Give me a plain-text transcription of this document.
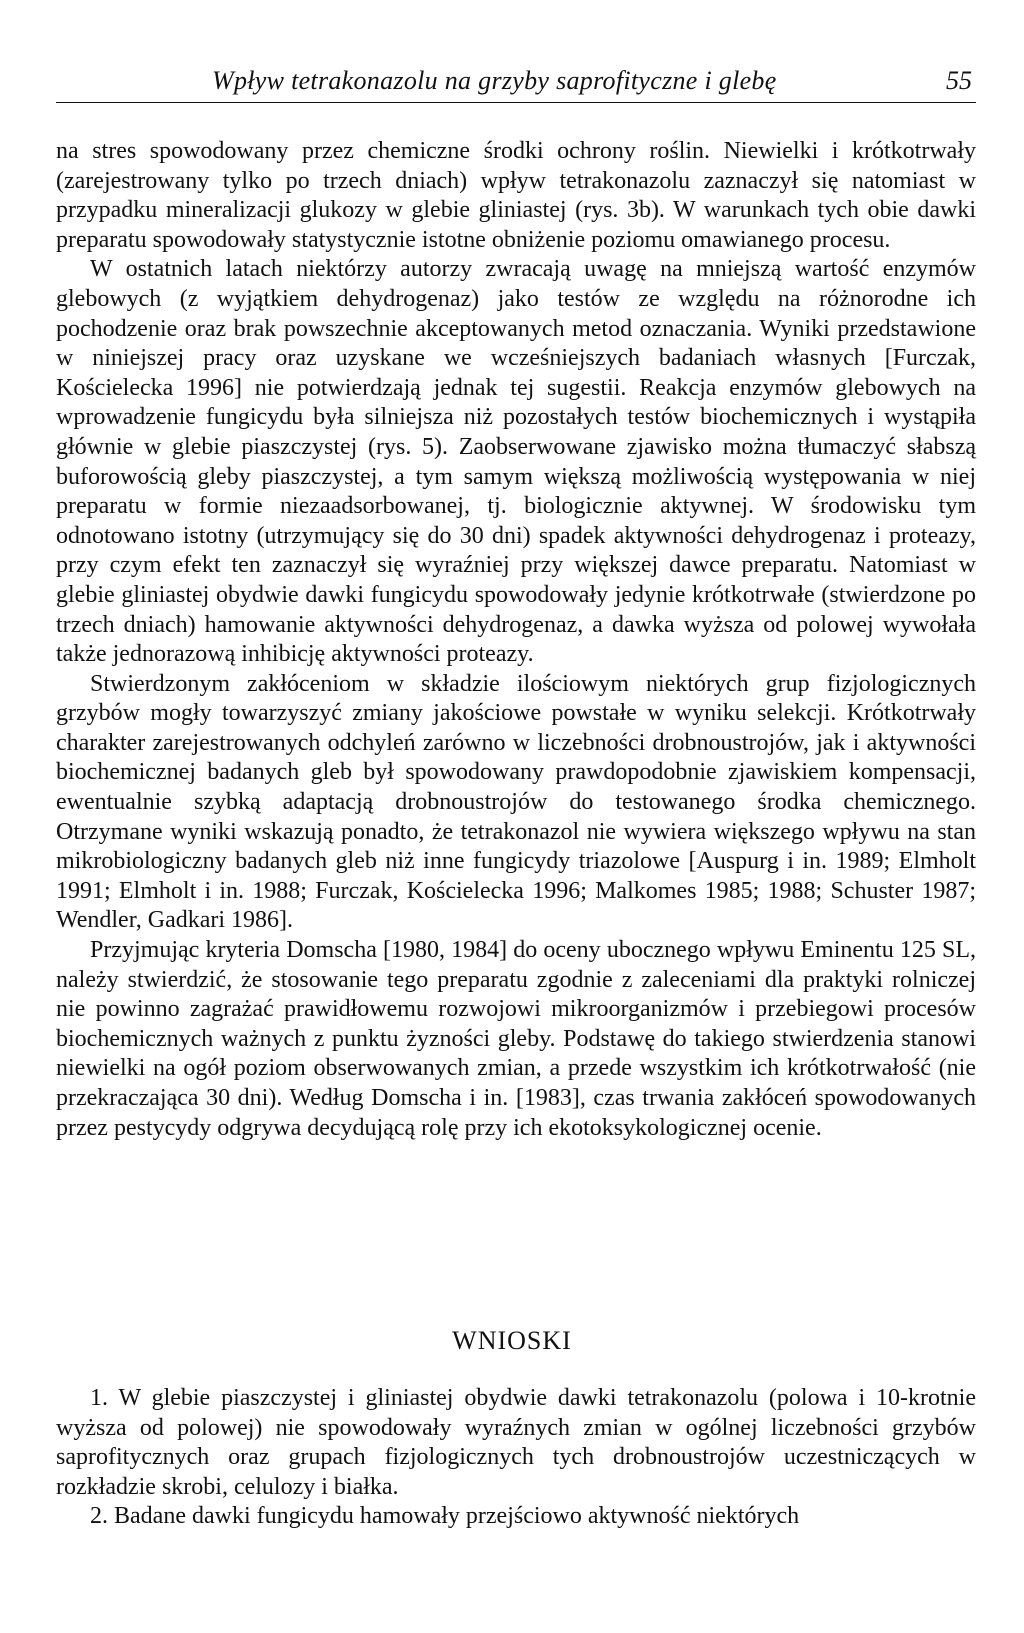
Wpływ tetrakonazolu na grzyby saprofityczne i glebę	55

na stres spowodowany przez chemiczne środki ochrony roślin. Niewielki i krótkotrwały (zarejestrowany tylko po trzech dniach) wpływ tetrakonazolu zaznaczył się natomiast w przypadku mineralizacji glukozy w glebie gliniastej (rys. 3b). W warunkach tych obie dawki preparatu spowodowały statystycznie istotne obniżenie poziomu omawianego procesu.

W ostatnich latach niektórzy autorzy zwracają uwagę na mniejszą wartość enzymów glebowych (z wyjątkiem dehydrogenaz) jako testów ze względu na różnorodne ich pochodzenie oraz brak powszechnie akceptowanych metod oznaczania. Wyniki przedstawione w niniejszej pracy oraz uzyskane we wcześniejszych badaniach własnych [Furczak, Kościelecka 1996] nie potwierdzają jednak tej sugestii. Reakcja enzymów glebowych na wprowadzenie fungicydu była silniejsza niż pozostałych testów biochemicznych i wystąpiła głównie w glebie piaszczystej (rys. 5). Zaobserwowane zjawisko można tłumaczyć słabszą buforowością gleby piaszczystej, a tym samym większą możliwością występowania w niej preparatu w formie niezaadsorbowanej, tj. biologicznie aktywnej. W środowisku tym odnotowano istotny (utrzymujący się do 30 dni) spadek aktywności dehydrogenaz i proteazy, przy czym efekt ten zaznaczył się wyraźniej przy większej dawce preparatu. Natomiast w glebie gliniastej obydwie dawki fungicydu spowodowały jedynie krótkotrwałe (stwierdzone po trzech dniach) hamowanie aktywności dehydrogenaz, a dawka wyższa od polowej wywołała także jednorazową inhibicję aktywności proteazy.

Stwierdzonym zakłóceniom w składzie ilościowym niektórych grup fizjologicznych grzybów mogły towarzyszyć zmiany jakościowe powstałe w wyniku selekcji. Krótkotrwały charakter zarejestrowanych odchyleń zarówno w liczebności drobnoustrojów, jak i aktywności biochemicznej badanych gleb był spowodowany prawdopodobnie zjawiskiem kompensacji, ewentualnie szybką adaptacją drobnoustrojów do testowanego środka chemicznego. Otrzymane wyniki wskazują ponadto, że tetrakonazol nie wywiera większego wpływu na stan mikrobiologiczny badanych gleb niż inne fungicydy triazolowe [Auspurg i in. 1989; Elmholt 1991; Elmholt i in. 1988; Furczak, Kościelecka 1996; Malkomes 1985; 1988; Schuster 1987; Wendler, Gadkari 1986].

Przyjmując kryteria Domscha [1980, 1984] do oceny ubocznego wpływu Eminentu 125 SL, należy stwierdzić, że stosowanie tego preparatu zgodnie z zaleceniami dla praktyki rolniczej nie powinno zagrażać prawidłowemu rozwojowi mikroorganizmów i przebiegowi procesów biochemicznych ważnych z punktu żyzności gleby. Podstawę do takiego stwierdzenia stanowi niewielki na ogół poziom obserwowanych zmian, a przede wszystkim ich krótkotrwałość (nie przekraczająca 30 dni). Według Domscha i in. [1983], czas trwania zakłóceń spowodowanych przez pestycydy odgrywa decydującą rolę przy ich ekotoksykologicznej ocenie.

WNIOSKI

1. W glebie piaszczystej i gliniastej obydwie dawki tetrakonazolu (polowa i 10-krotnie wyższa od polowej) nie spowodowały wyraźnych zmian w ogólnej liczebności grzybów saprofitycznych oraz grupach fizjologicznych tych drobnoustrojów uczestniczących w rozkładzie skrobi, celulozy i białka.

2. Badane dawki fungicydu hamowały przejściowo aktywność niektórych
